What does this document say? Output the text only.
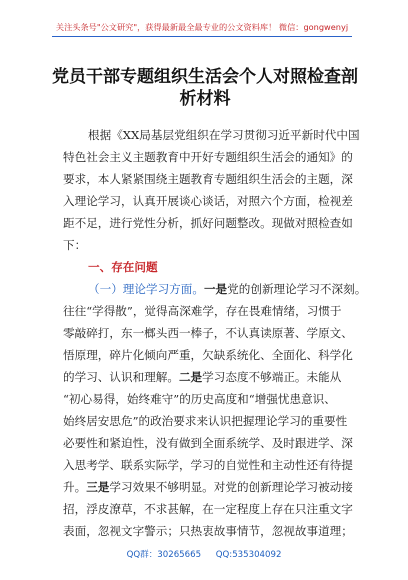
关注头条号"公文研究"，获得最新最全最专业的公文资料库！ 微信：gongwenyj
党员干部专题组织生活会个人对照检查剖
析材料
根据《XX局基层党组织在学习贯彻习近平新时代中国
特色社会主义主题教育中开好专题组织生活会的通知》的
要求，本人紧紧围绕主题教育专题组织生活会的主题，深
入理论学习，认真开展谈心谈话，对照六个方面，检视差
距不足，进行党性分析，抓好问题整改。现做对照检查如
下：
一、存在问题
（一）理论学习方面。一是党的创新理论学习不深刻。
往往“学得散”，觉得高深难学，存在畏难情绪，习惯于
零敲碎打，东一榔头西一棒子，不认真读原著、学原文、
悟原理，碎片化倾向严重，欠缺系统化、全面化、科学化
的学习、认识和理解。二是学习态度不够端正。未能从
“初心易得，始终难守”的历史高度和“增强忧患意识、
始终居安思危”的政治要求来认识把握理论学习的重要性
必要性和紧迫性，没有做到全面系统学、及时跟进学、深
入思考学、联系实际学，学习的自觉性和主动性还有待提
升。三是学习效果不够明显。对党的创新理论学习被动接
招，浮皮潦草，不求甚解，在一定程度上存在只注重文字
表面，忽视文字警示；只热衷故事情节，忽视故事道理；
QQ群：30265665 QQ:535304092
